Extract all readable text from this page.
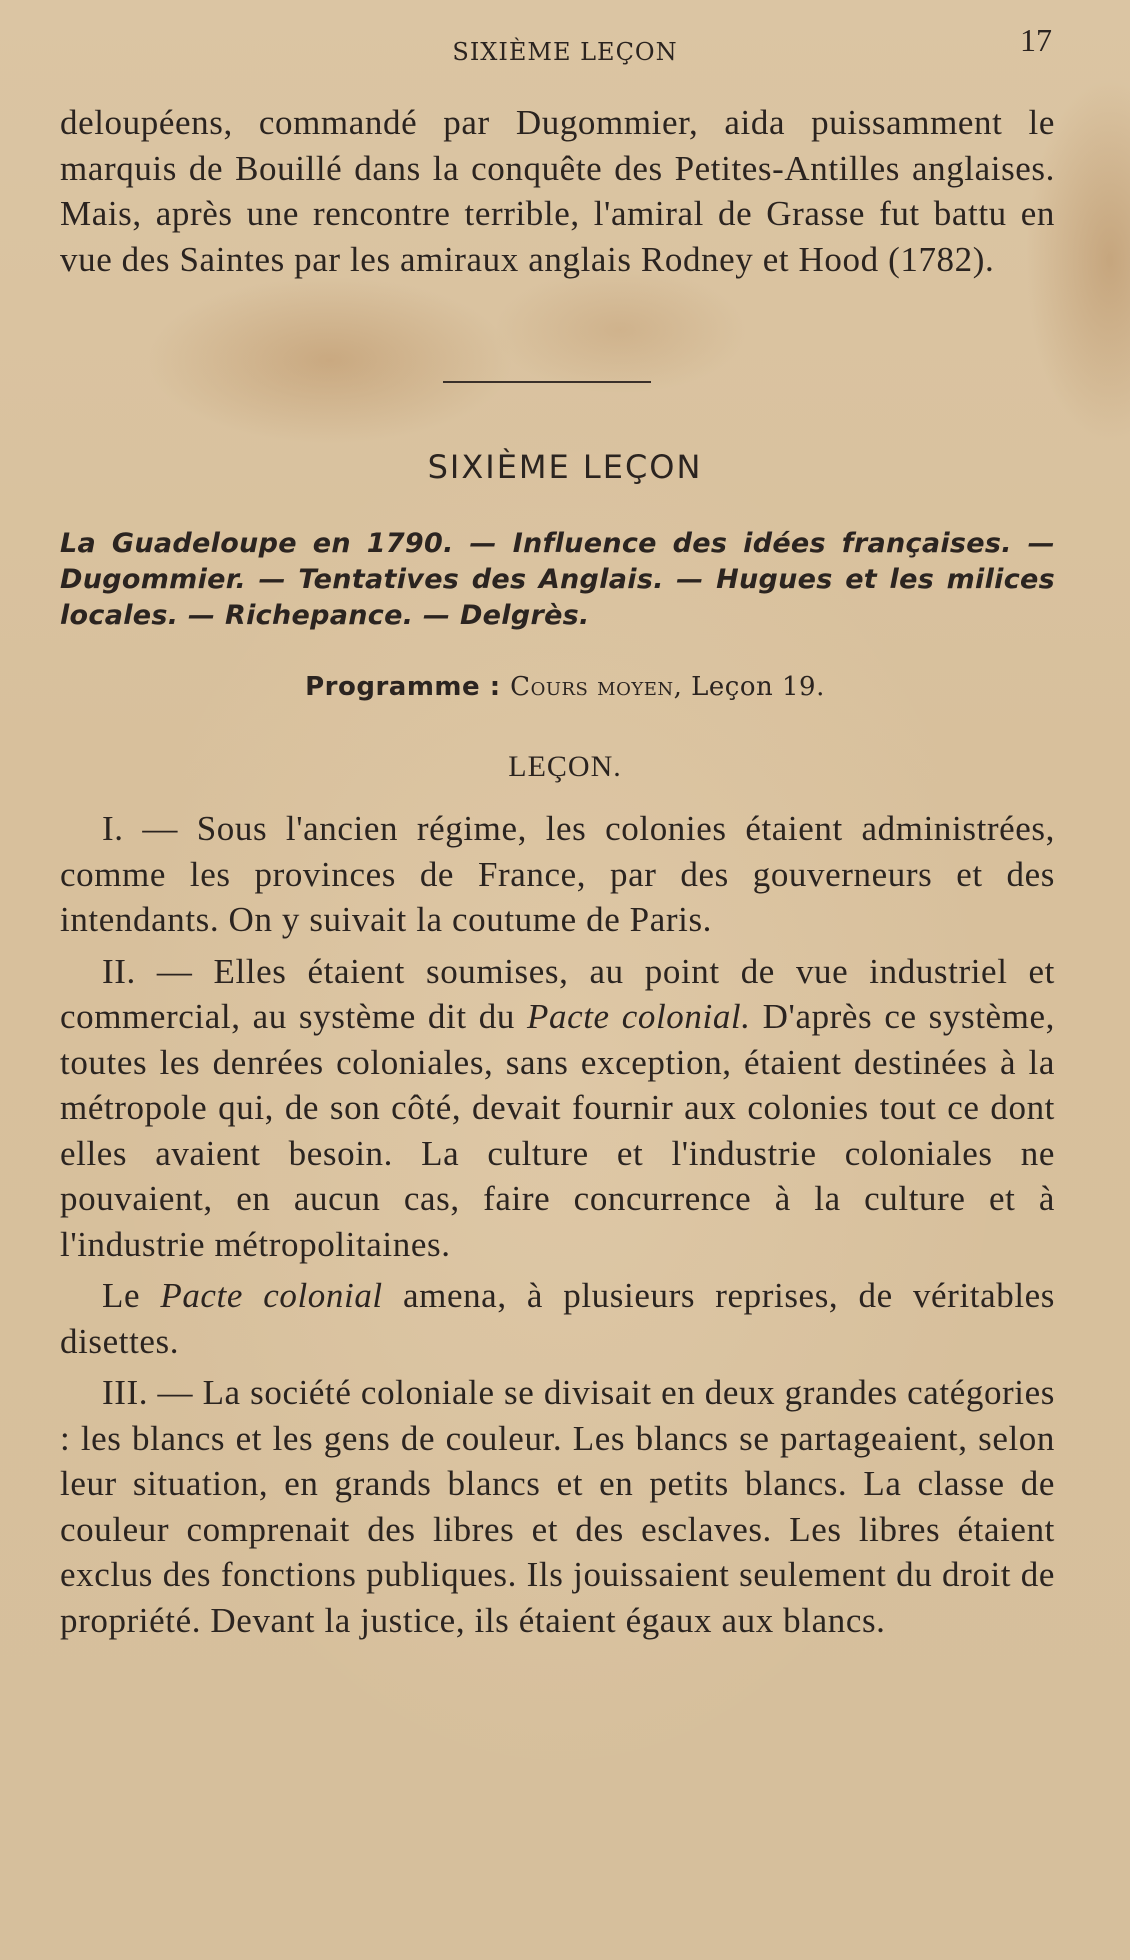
SIXIÈME LEÇON	17
deloupéens, commandé par Dugommier, aida puissamment le marquis de Bouillé dans la conquête des Petites-Antilles anglaises. Mais, après une rencontre terrible, l'amiral de Grasse fut battu en vue des Saintes par les amiraux anglais Rodney et Hood (1782).
SIXIÈME LEÇON
La Guadeloupe en 1790. — Influence des idées françaises. — Dugommier. — Tentatives des Anglais. — Hugues et les milices locales. — Richepance. — Delgrès.
Programme : Cours moyen, Leçon 19.
LEÇON.

I. — Sous l'ancien régime, les colonies étaient administrées, comme les provinces de France, par des gouverneurs et des intendants. On y suivait la coutume de Paris.

II. — Elles étaient soumises, au point de vue industriel et commercial, au système dit du Pacte colonial. D'après ce système, toutes les denrées coloniales, sans exception, étaient destinées à la métropole qui, de son côté, devait fournir aux colonies tout ce dont elles avaient besoin. La culture et l'industrie coloniales ne pouvaient, en aucun cas, faire concurrence à la culture et à l'industrie métropolitaines.

Le Pacte colonial amena, à plusieurs reprises, de véritables disettes.

III. — La société coloniale se divisait en deux grandes catégories : les blancs et les gens de couleur. Les blancs se partageaient, selon leur situation, en grands blancs et en petits blancs. La classe de couleur comprenait des libres et des esclaves. Les libres étaient exclus des fonctions publiques. Ils jouissaient seulement du droit de propriété. Devant la justice, ils étaient égaux aux blancs.
